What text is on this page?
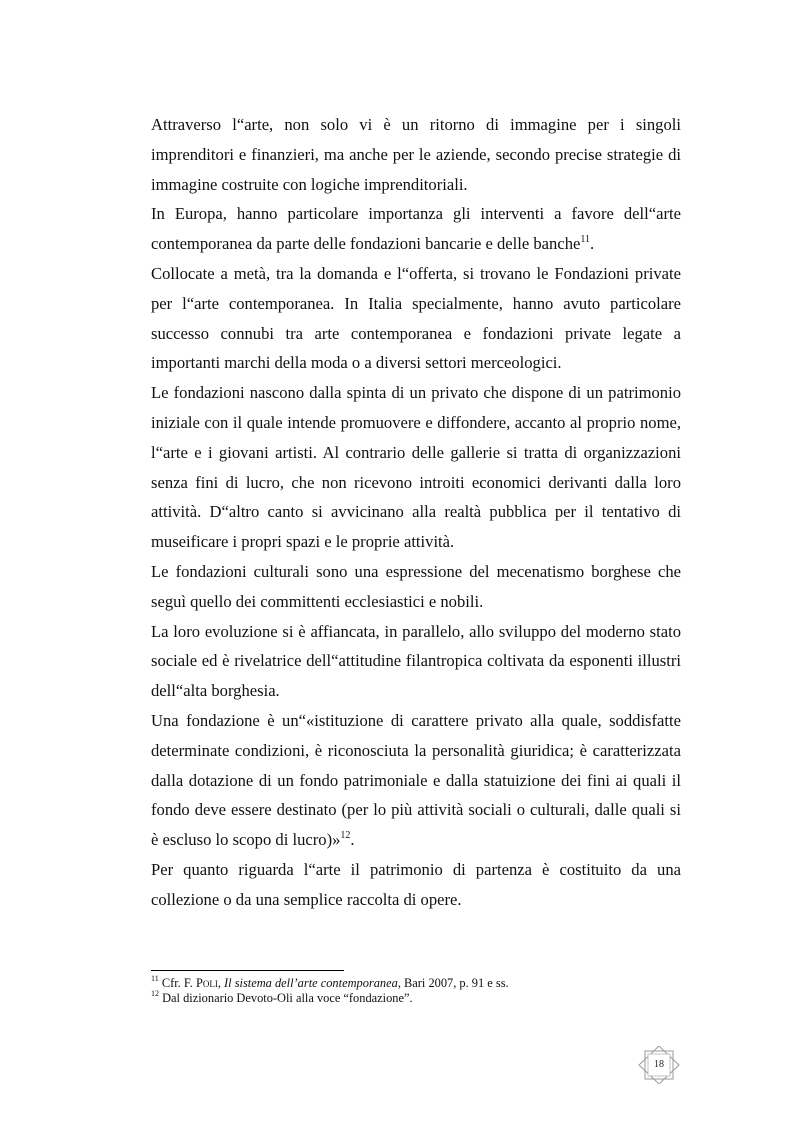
Attraverso l“arte, non solo vi è un ritorno di immagine per i singoli imprenditori e finanzieri, ma anche per le aziende, secondo precise strategie di immagine costruite con logiche imprenditoriali.

In Europa, hanno particolare importanza gli interventi a favore dell“arte contemporanea da parte delle fondazioni bancarie e delle banche$^{11}$.

Collocate a metà, tra la domanda e l“offerta, si trovano le Fondazioni private per l“arte contemporanea. In Italia specialmente, hanno avuto particolare successo connubi tra arte contemporanea e fondazioni private legate a importanti marchi della moda o a diversi settori merceologici.

Le fondazioni nascono dalla spinta di un privato che dispone di un patrimonio iniziale con il quale intende promuovere e diffondere, accanto al proprio nome, l“arte e i giovani artisti. Al contrario delle gallerie si tratta di organizzazioni senza fini di lucro, che non ricevono introiti economici derivanti dalla loro attività. D“altro canto si avvicinano alla realtà pubblica per il tentativo di museificare i propri spazi e le proprie attività.

Le fondazioni culturali sono una espressione del mecenatismo borghese che seguì quello dei committenti ecclesiastici e nobili.

La loro evoluzione si è affiancata, in parallelo, allo sviluppo del moderno stato sociale ed è rivelatrice dell“attitudine filantropica coltivata da esponenti illustri dell“alta borghesia.

Una fondazione è un“«istituzione di carattere privato alla quale, soddisfatte determinate condizioni, è riconosciuta la personalità giuridica; è caratterizzata dalla dotazione di un fondo patrimoniale e dalla statuizione dei fini ai quali il fondo deve essere destinato (per lo più attività sociali o culturali, dalle quali si è escluso lo scopo di lucro)»$^{12}$.

Per quanto riguarda l“arte il patrimonio di partenza è costituito da una collezione o da una semplice raccolta di opere.

$^{11}$ Cfr. F. Poli, Il sistema dell’arte contemporanea, Bari 2007, p. 91 e ss.

$^{12}$ Dal dizionario Devoto-Oli alla voce “fondazione”.

18
